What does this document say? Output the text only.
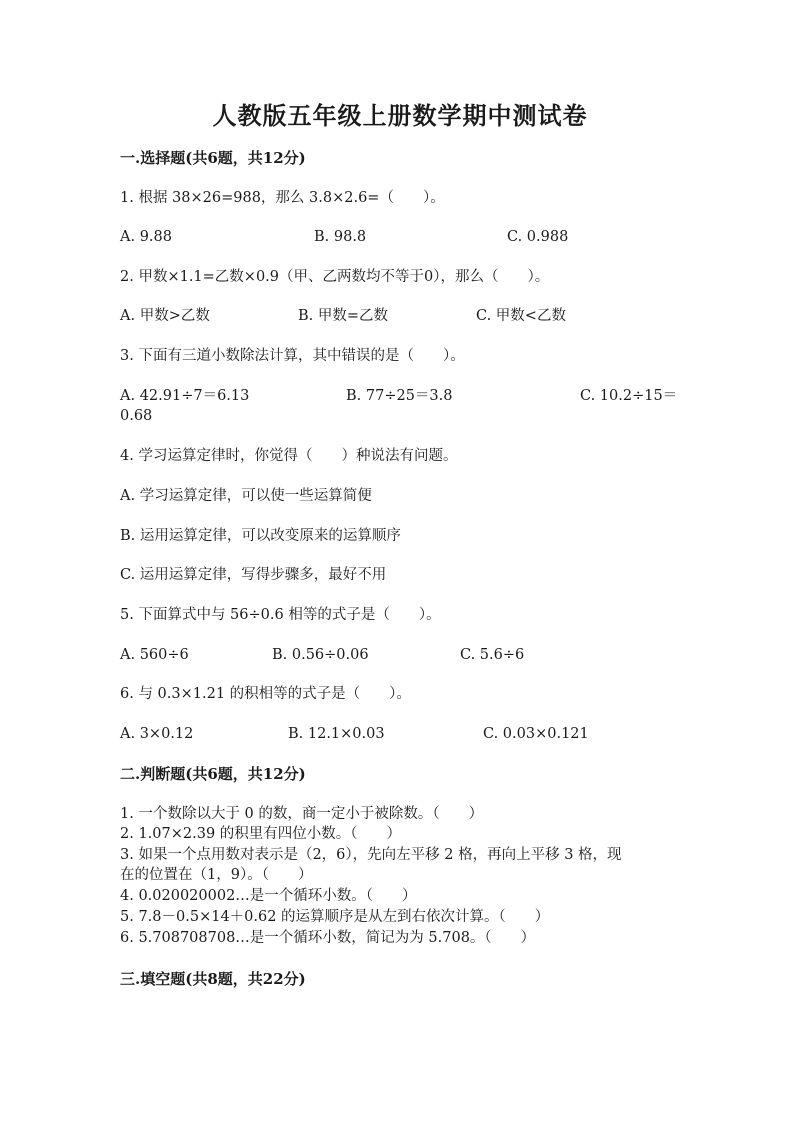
人教版五年级上册数学期中测试卷
一.选择题(共6题，共12分)
1. 根据 38×26=988，那么 3.8×2.6=（　　）。
A. 9.88	B. 98.8	C. 0.988
2. 甲数×1.1=乙数×0.9（甲、乙两数均不等于0），那么（　　）。
A. 甲数>乙数	B. 甲数=乙数	C. 甲数<乙数
3. 下面有三道小数除法计算，其中错误的是（　　）。
A. 42.91÷7＝6.13	B. 77÷25＝3.8	C. 10.2÷15＝
0.68
4. 学习运算定律时，你觉得（　　）种说法有问题。
A. 学习运算定律，可以使一些运算简便
B. 运用运算定律，可以改变原来的运算顺序
C. 运用运算定律，写得步骤多，最好不用
5. 下面算式中与 56÷0.6 相等的式子是（　　）。
A. 560÷6	B. 0.56÷0.06	C. 5.6÷6
6. 与 0.3×1.21 的积相等的式子是（　　）。
A. 3×0.12	B. 12.1×0.03	C. 0.03×0.121
二.判断题(共6题，共12分)
1. 一个数除以大于 0 的数，商一定小于被除数。（　　）
2. 1.07×2.39 的积里有四位小数。（　　）
3. 如果一个点用数对表示是（2，6），先向左平移 2 格，再向上平移 3 格，现
在的位置在（1，9）。（　　）
4. 0.020020002…是一个循环小数。（　　）
5. 7.8－0.5×14＋0.62 的运算顺序是从左到右依次计算。（　　）
6. 5.708708708…是一个循环小数，简记为为 5.708。（　　）
三.填空题(共8题，共22分)
